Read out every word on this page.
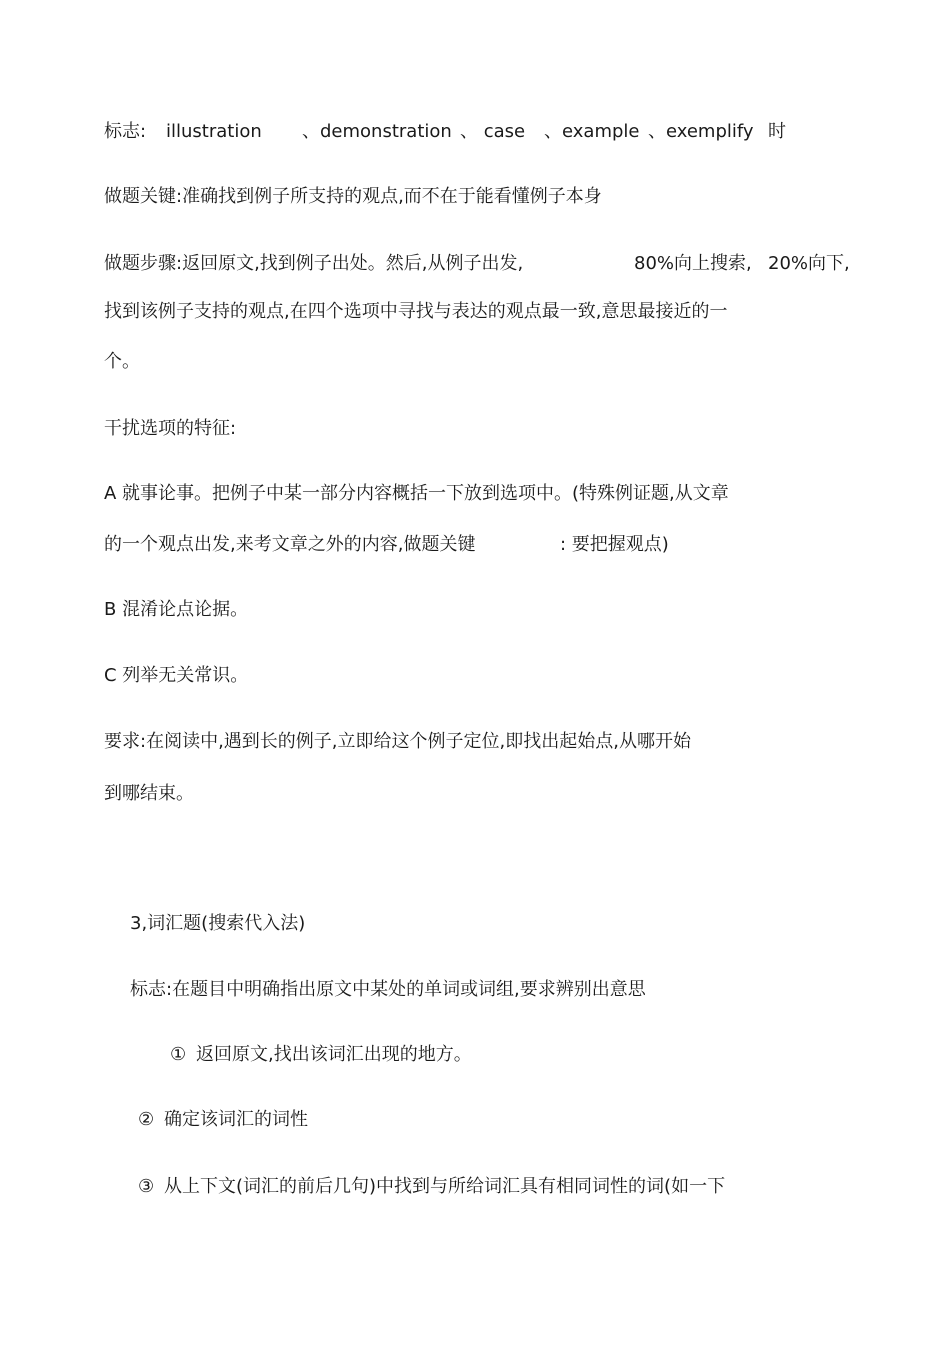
标志: illustration 、demonstration 、 case 、example 、exemplify 时
做题关键:准确找到例子所支持的观点,而不在于能看懂例子本身
做题步骤:返回原文,找到例子出处。然后,从例子出发,	80%向上搜索, 20%向下,
找到该例子支持的观点,在四个选项中寻找与表达的观点最一致,意思最接近的一
个。
干扰选项的特征:
A 就事论事。把例子中某一部分内容概括一下放到选项中。(特殊例证题,从文章
的一个观点出发,来考文章之外的内容,做题关键	: 要把握观点)
B 混淆论点论据。
C 列举无关常识。
要求:在阅读中,遇到长的例子,立即给这个例子定位,即找出起始点,从哪开始
到哪结束。
3,词汇题(搜索代入法)
标志:在题目中明确指出原文中某处的单词或词组,要求辨别出意思
① 返回原文,找出该词汇出现的地方。
② 确定该词汇的词性
③ 从上下文(词汇的前后几句)中找到与所给词汇具有相同词性的词(如一下
